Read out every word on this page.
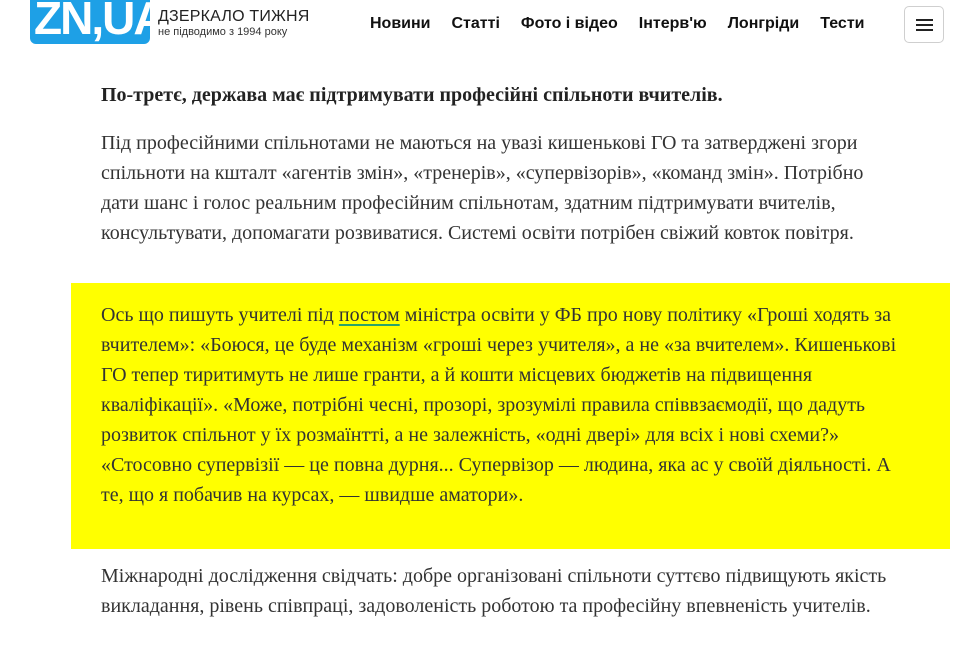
ZN,UA
ДЗЕРКАЛО ТИЖНЯ
не підводимо з 1994 року	Новини Статті Фото і відео Інтерв'ю Лонгріди Тести

По-третє, держава має підтримувати професійні спільноти вчителів.

Під професійними спільнотами не маються на увазі кишенькові ГО та затверджені згори спільноти на кшталт «агентів змін», «тренерів», «супервізорів», «команд змін». Потрібно дати шанс і голос реальним професійним спільнотам, здатним підтримувати вчителів, консультувати, допомагати розвиватися. Системі освіти потрібен свіжий ковток повітря.

Ось що пишуть учителі під постом міністра освіти у ФБ про нову політику «Гроші ходять за вчителем»: «Боюся, це буде механізм «гроші через учителя», а не «за вчителем». Кишенькові ГО тепер тиритимуть не лише гранти, а й кошти місцевих бюджетів на підвищення кваліфікації». «Може, потрібні чесні, прозорі, зрозумілі правила співвзаємодії, що дадуть розвиток спільнот у їх розмаїнтті, а не залежність, «одні двері» для всіх і нові схеми?» «Стосовно супервізії — це повна дурня... Супервізор — людина, яка ас у своїй діяльності. А те, що я побачив на курсах, — швидше аматори».

Міжнародні дослідження свідчать: добре організовані спільноти суттєво підвищують якість викладання, рівень співпраці, задоволеність роботою та професійну впевненість учителів.
